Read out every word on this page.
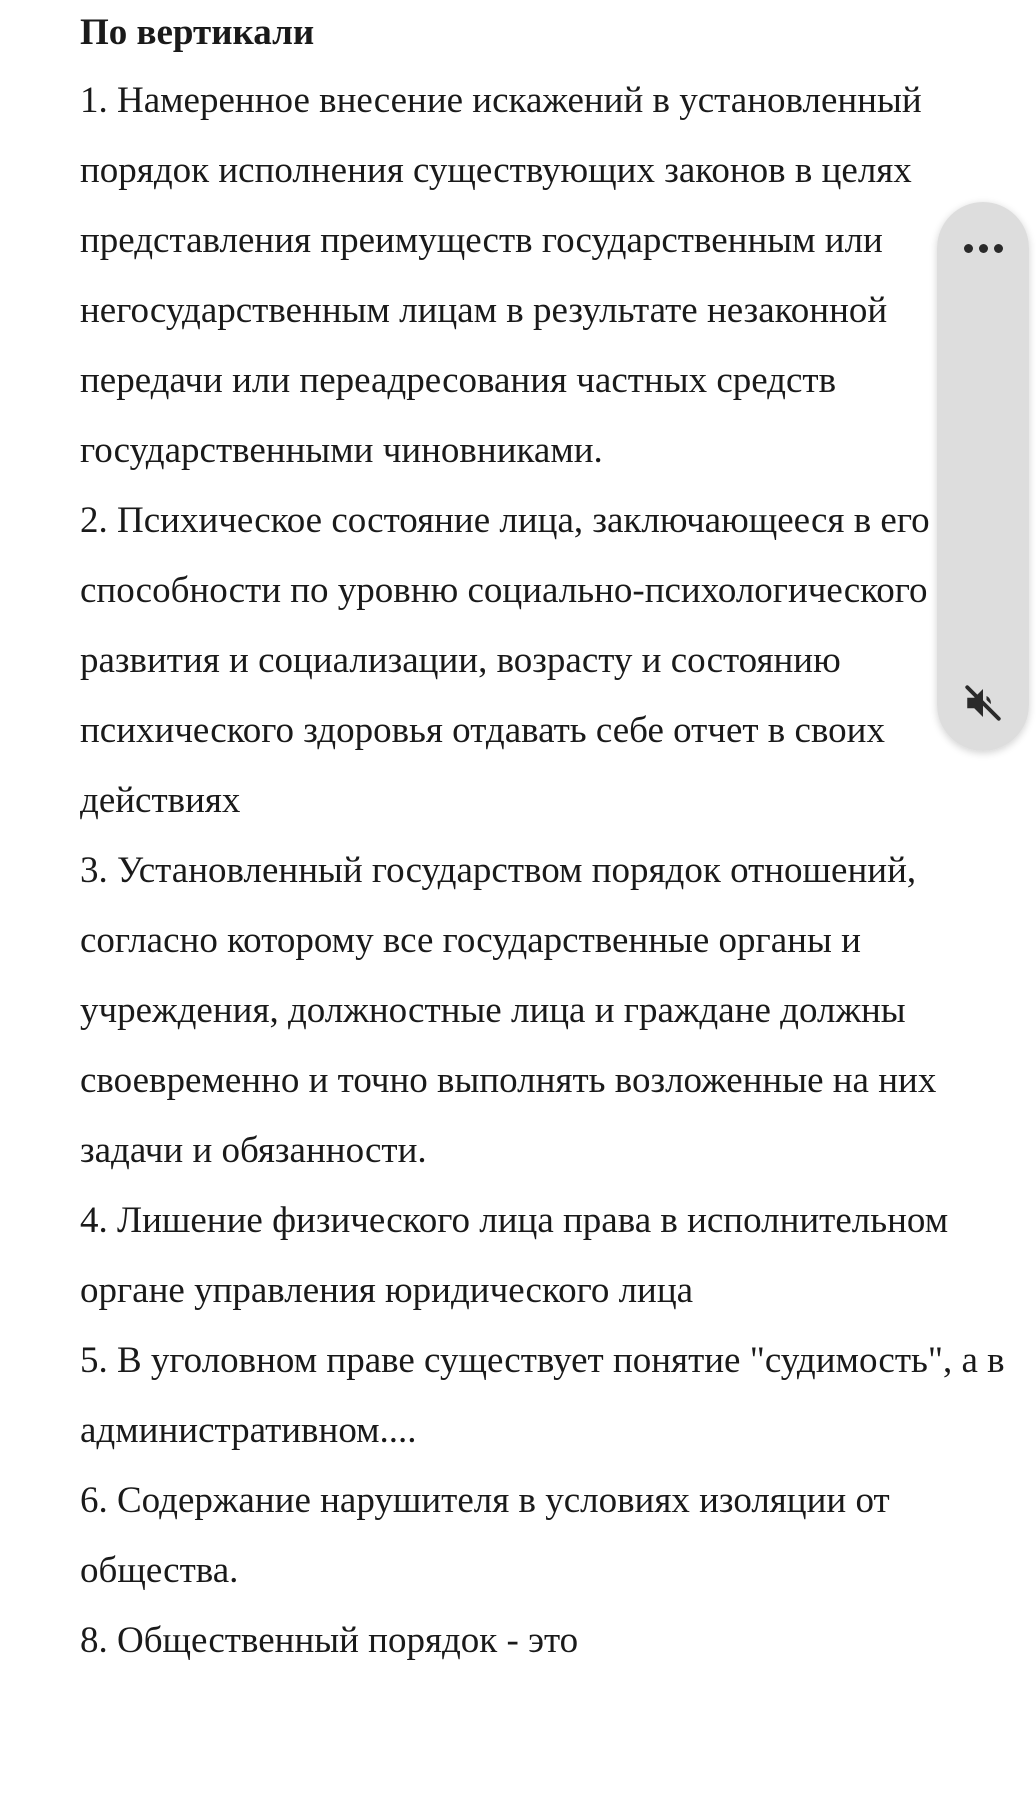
По вертикали

1. Намеренное внесение искажений в установленный порядок исполнения существующих законов в целях представления преимуществ государственным или негосударственным лицам в результате незаконной передачи или переадресования частных средств государственными чиновниками.

2. Психическое состояние лица, заключающееся в его способности по уровню социально-психологического развития и социализации, возрасту и состоянию психического здоровья отдавать себе отчет в своих действиях

3. Установленный государством порядок отношений, согласно которому все государственные органы и учреждения, должностные лица и граждане должны своевременно и точно выполнять возложенные на них задачи и обязанности.

4. Лишение физического лица права в исполнительном органе управления юридического лица

5. В уголовном праве существует понятие "судимость", а в административном....

6. Содержание нарушителя в условиях изоляции от общества.

8. Общественный порядок - это
